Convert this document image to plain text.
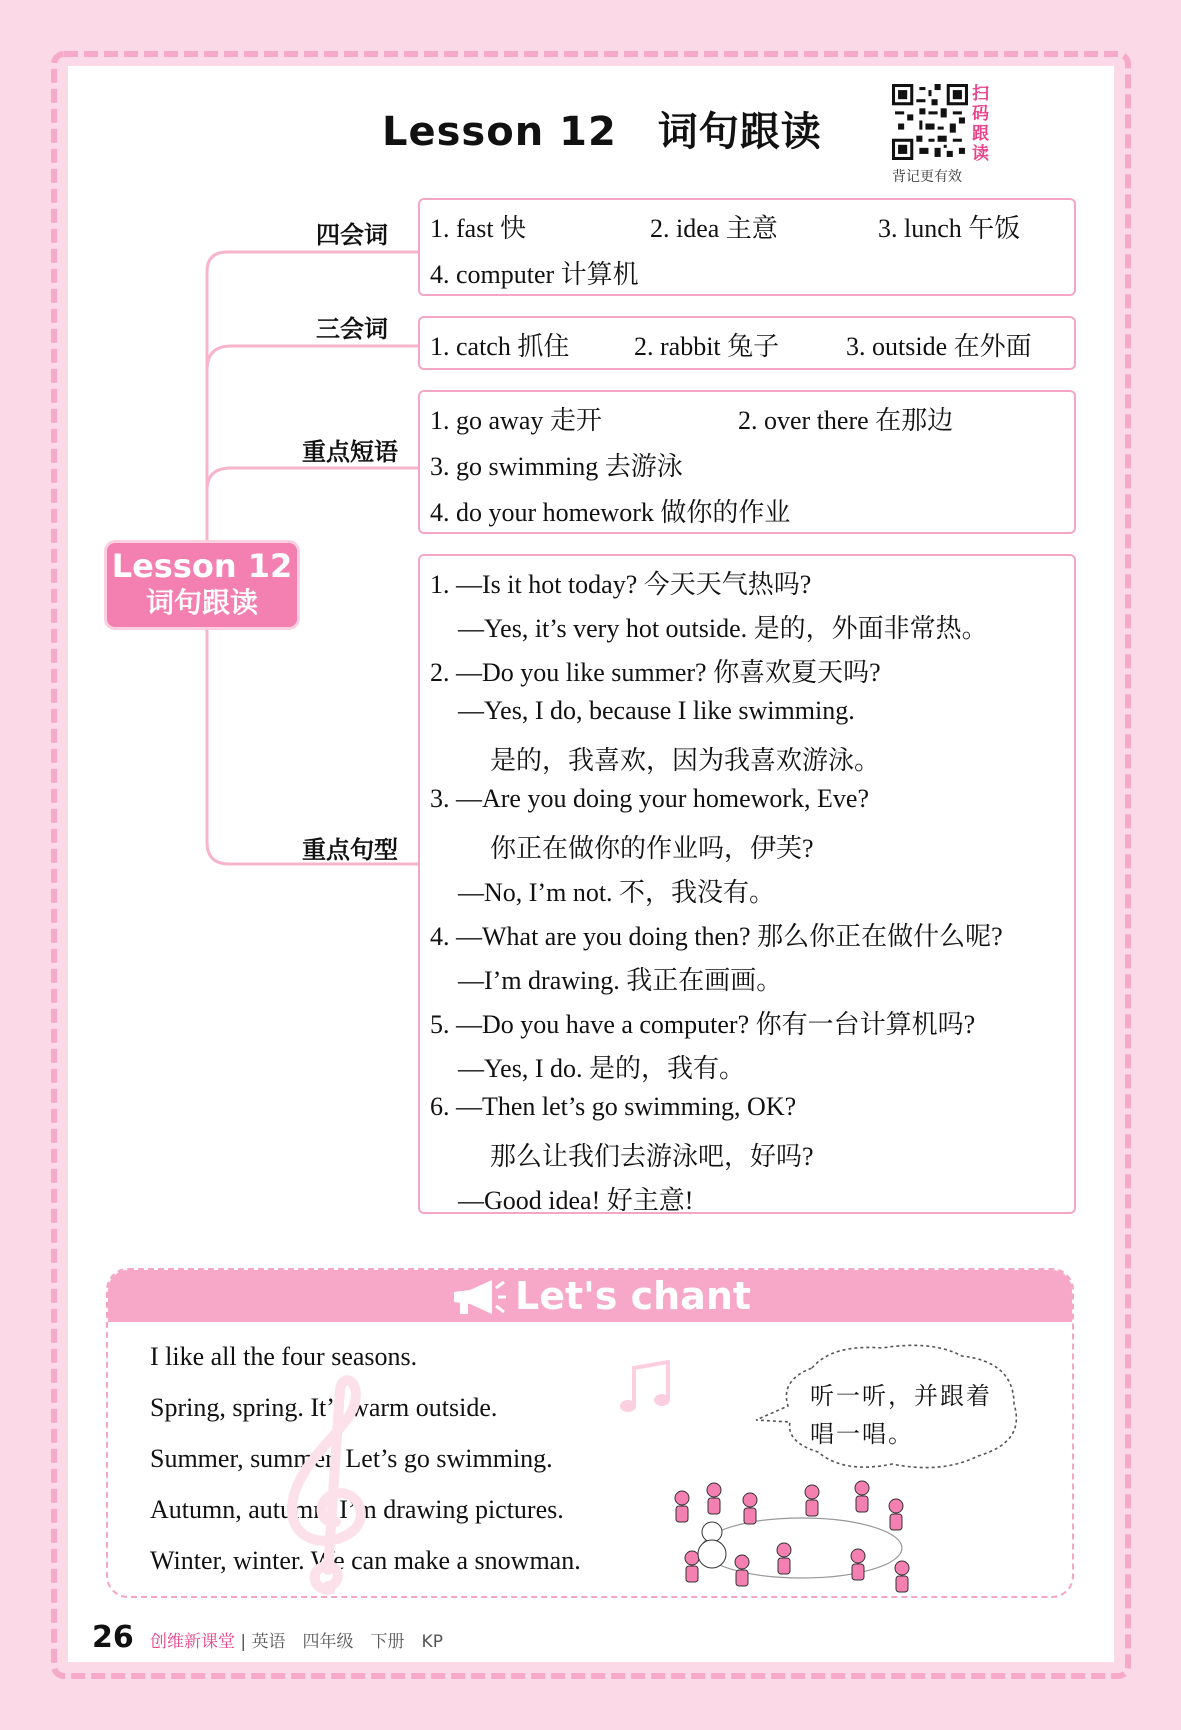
Lesson 12　词句跟读
扫码跟读
背记更有效
Lesson 12
词句跟读
四会词
三会词
重点短语
重点句型
1. fast 快	2. idea 主意	3. lunch 午饭
4. computer 计算机
1. catch 抓住 2. rabbit 兔子	3. outside 在外面
1. go away 走开	2. over there 在那边
3. go swimming 去游泳
4. do your homework 做你的作业
1. —Is it hot today? 今天天气热吗?
—Yes, it’s very hot outside. 是的，外面非常热。
2. —Do you like summer? 你喜欢夏天吗?
—Yes, I do, because I like swimming.
是的，我喜欢，因为我喜欢游泳。
3. —Are you doing your homework, Eve?
你正在做你的作业吗，伊芙?
—No, I’m not. 不，我没有。
4. —What are you doing then? 那么你正在做什么呢?
—I’m drawing. 我正在画画。
5. —Do you have a computer? 你有一台计算机吗?
—Yes, I do. 是的，我有。
6. —Then let’s go swimming, OK?
那么让我们去游泳吧，好吗?
—Good idea! 好主意!
Let's chant
I like all the four seasons.
Spring, spring. It’s warm outside.
Summer, summer. Let’s go swimming.
Autumn, autumn. I’m drawing pictures.
Winter, winter. We can make a snowman.
听一听，并跟着
唱一唱。
26 创维新课堂 | 英语　四年级　下册　KP
